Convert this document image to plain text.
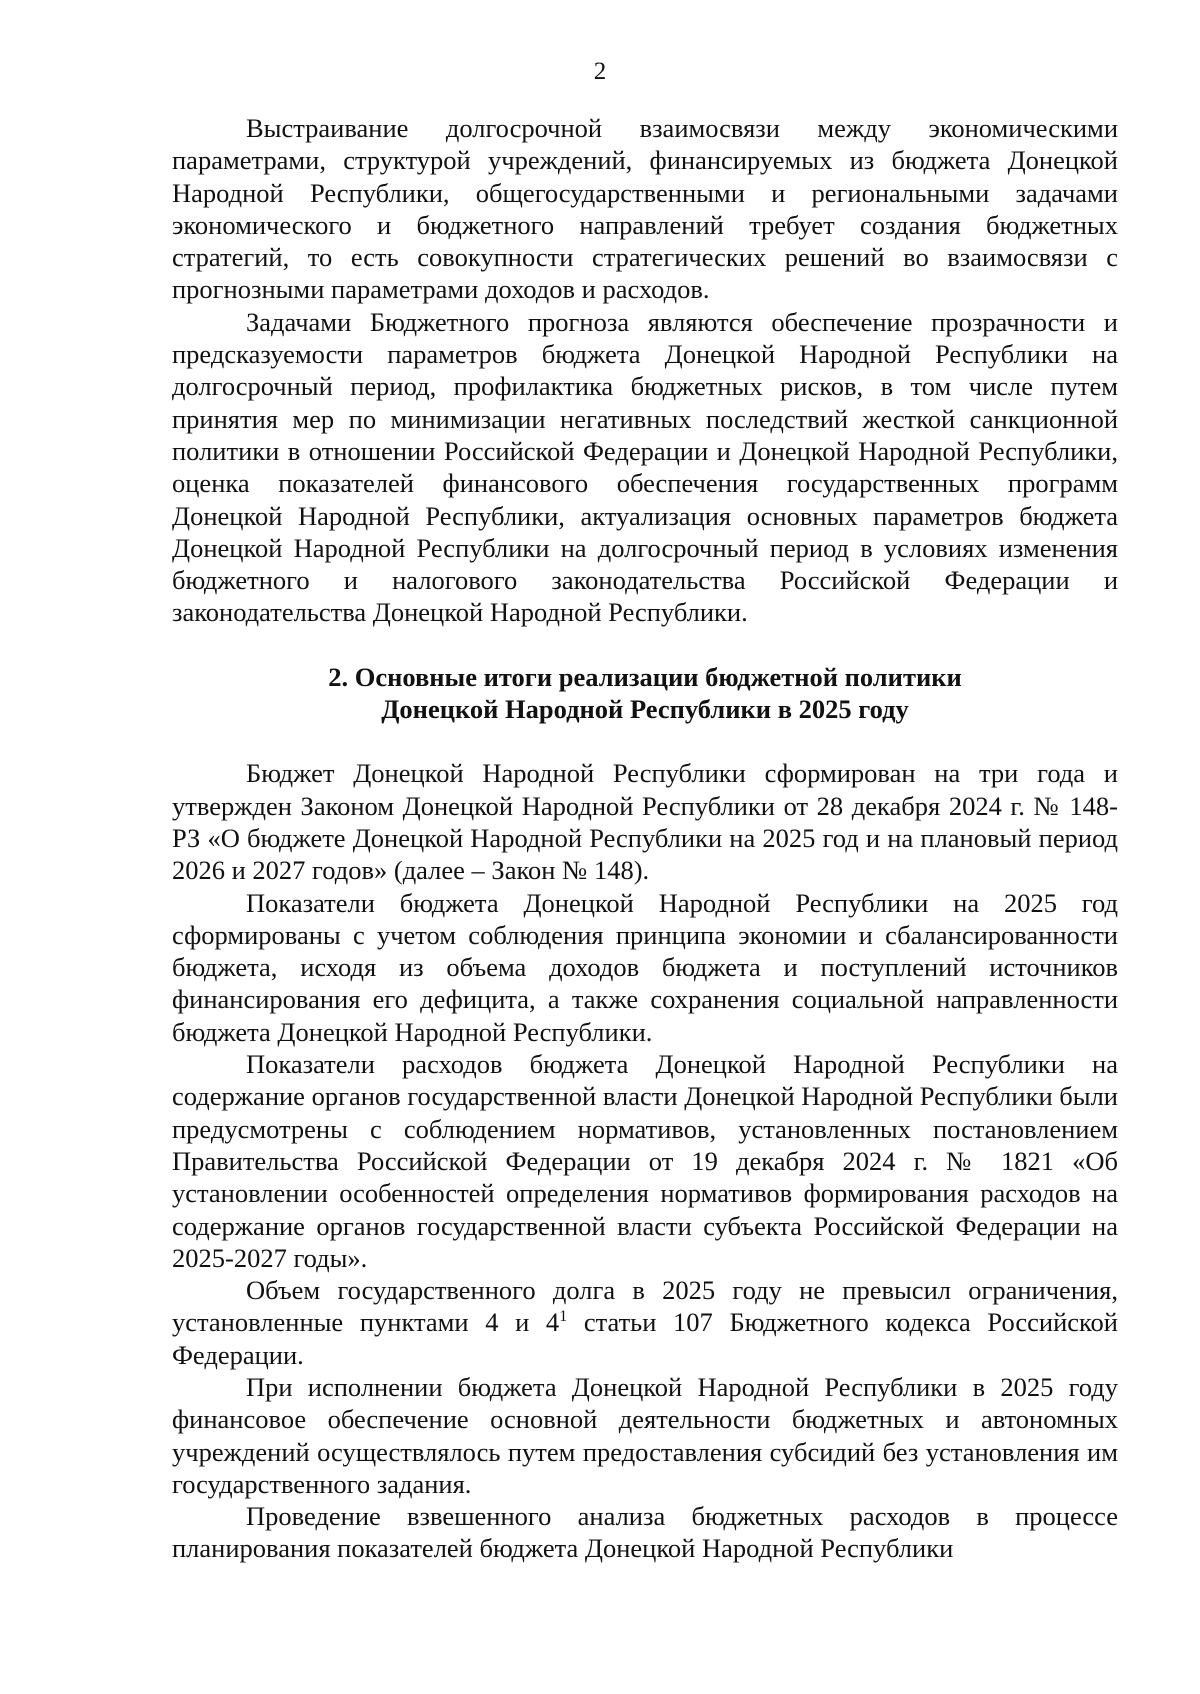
2

Выстраивание долгосрочной взаимосвязи между экономическими параметрами, структурой учреждений, финансируемых из бюджета Донецкой Народной Республики, общегосударственными и региональными задачами экономического и бюджетного направлений требует создания бюджетных стратегий, то есть совокупности стратегических решений во взаимосвязи с прогнозными параметрами доходов и расходов.

Задачами Бюджетного прогноза являются обеспечение прозрачности и предсказуемости параметров бюджета Донецкой Народной Республики на долгосрочный период, профилактика бюджетных рисков, в том числе путем принятия мер по минимизации негативных последствий жесткой санкционной политики в отношении Российской Федерации и Донецкой Народной Республики, оценка показателей финансового обеспечения государственных программ Донецкой Народной Республики, актуализация основных параметров бюджета Донецкой Народной Республики на долгосрочный период в условиях изменения бюджетного и налогового законодательства Российской Федерации и законодательства Донецкой Народной Республики.

2. Основные итоги реализации бюджетной политики
Донецкой Народной Республики в 2025 году

Бюджет Донецкой Народной Республики сформирован на три года и утвержден Законом Донецкой Народной Республики от 28 декабря 2024 г. № 148-РЗ «О бюджете Донецкой Народной Республики на 2025 год и на плановый период 2026 и 2027 годов» (далее – Закон № 148).

Показатели бюджета Донецкой Народной Республики на 2025 год сформированы с учетом соблюдения принципа экономии и сбалансированности бюджета, исходя из объема доходов бюджета и поступлений источников финансирования его дефицита, а также сохранения социальной направленности бюджета Донецкой Народной Республики.

Показатели расходов бюджета Донецкой Народной Республики на содержание органов государственной власти Донецкой Народной Республики были предусмотрены с соблюдением нормативов, установленных постановлением Правительства Российской Федерации от 19 декабря 2024 г. № 1821 «Об установлении особенностей определения нормативов формирования расходов на содержание органов государственной власти субъекта Российской Федерации на 2025-2027 годы».

Объем государственного долга в 2025 году не превысил ограничения, установленные пунктами 4 и $4^1$ статьи 107 Бюджетного кодекса Российской Федерации.

При исполнении бюджета Донецкой Народной Республики в 2025 году финансовое обеспечение основной деятельности бюджетных и автономных учреждений осуществлялось путем предоставления субсидий без установления им государственного задания.

Проведение взвешенного анализа бюджетных расходов в процессе планирования показателей бюджета Донецкой Народной Республики
